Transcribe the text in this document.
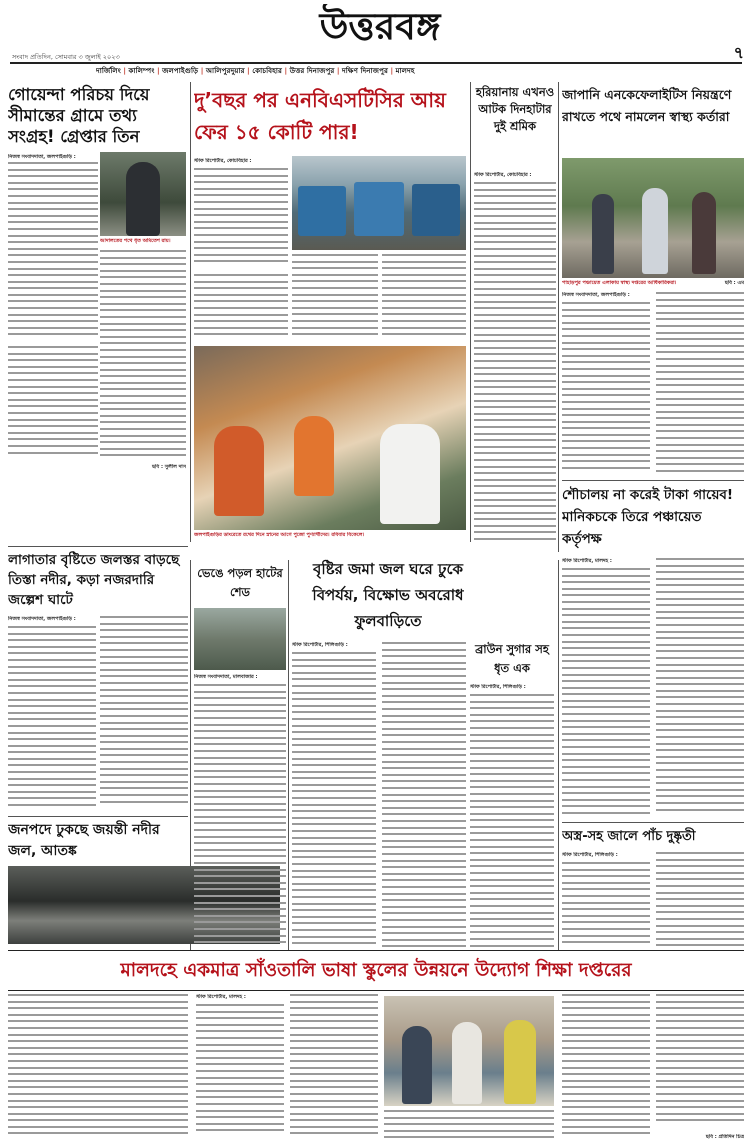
উত্তরবঙ্গ
সংবাদ প্রতিদিন, সোমবার ৩ জুলাই ২০২৩	৭
দার্জিলিং | কালিম্পং | জলপাইগুড়ি | আলিপুরদুয়ার | কোচবিহার | উত্তর দিনাজপুর | দক্ষিণ দিনাজপুর | মালদহ
গোয়েন্দা পরিচয় দিয়ে সীমান্তের গ্রামে তথ্য সংগ্রহ! গ্রেপ্তার তিন
নিজস্ব সংবাদদাতা, জলপাইগুড়ি :
আদালতের পথে ধৃত অমিতেশ রায়।
ছবি : সুলীল দাস
লাগাতার বৃষ্টিতে জলস্তর বাড়ছে তিস্তা নদীর, কড়া নজরদারি জল্পেশ ঘাটে
নিজস্ব সংবাদদাতা, জলপাইগুড়ি :
জনপদে ঢুকছে জয়ন্তী নদীর জল, আতঙ্ক
দু’বছর পর এনবিএসটিসির আয় ফের ১৫ কোটি পার!
স্টাফ রিপোর্টার, কোচবিহার :
জলপাইগুড়ির ডাংরেতে রথের দিনে স্নানের আগে পুজো পুণ্যার্থীদের। রবিবার বিকেলে।
হরিয়ানায় এখনও আটক দিনহাটার দুই শ্রমিক
স্টাফ রিপোর্টার, কোচবিহার :
জাপানি এনকেফেলাইটিস নিয়ন্ত্রণে রাখতে পথে নামলেন স্বাস্থ্য কর্তারা
পাহাড়পুর পঞ্চায়েত এলাকায় স্বাস্থ্য দপ্তরের আধিকারিকরা।	ছবি : এম
নিজস্ব সংবাদদাতা, জলপাইগুড়ি :
শৌচালয় না করেই টাকা গায়েব! মানিকচকে তিরে পঞ্চায়েত কর্তৃপক্ষ
স্টাফ রিপোর্টার, মালদহ :
অস্ত্র-সহ জালে পাঁচ দুষ্কৃতী
স্টাফ রিপোর্টার, শিলিগুড়ি :
ভেঙে পড়ল হাটের শেড
নিজস্ব সংবাদদাতা, মালবাজার :
বৃষ্টির জমা জল ঘরে ঢুকে বিপর্যয়, বিক্ষোভ অবরোধ ফুলবাড়িতে
স্টাফ রিপোর্টার, শিলিগুড়ি :	ব্রাউন সুগার সহ ধৃত এক
স্টাফ রিপোর্টার, শিলিগুড়ি :
মালদহে একমাত্র সাঁওতালি ভাষা স্কুলের উন্নয়নে উদ্যোগ শিক্ষা দপ্তরের
স্টাফ রিপোর্টার, মালদহ :
ছবি : প্রতিদিন চিত্র
